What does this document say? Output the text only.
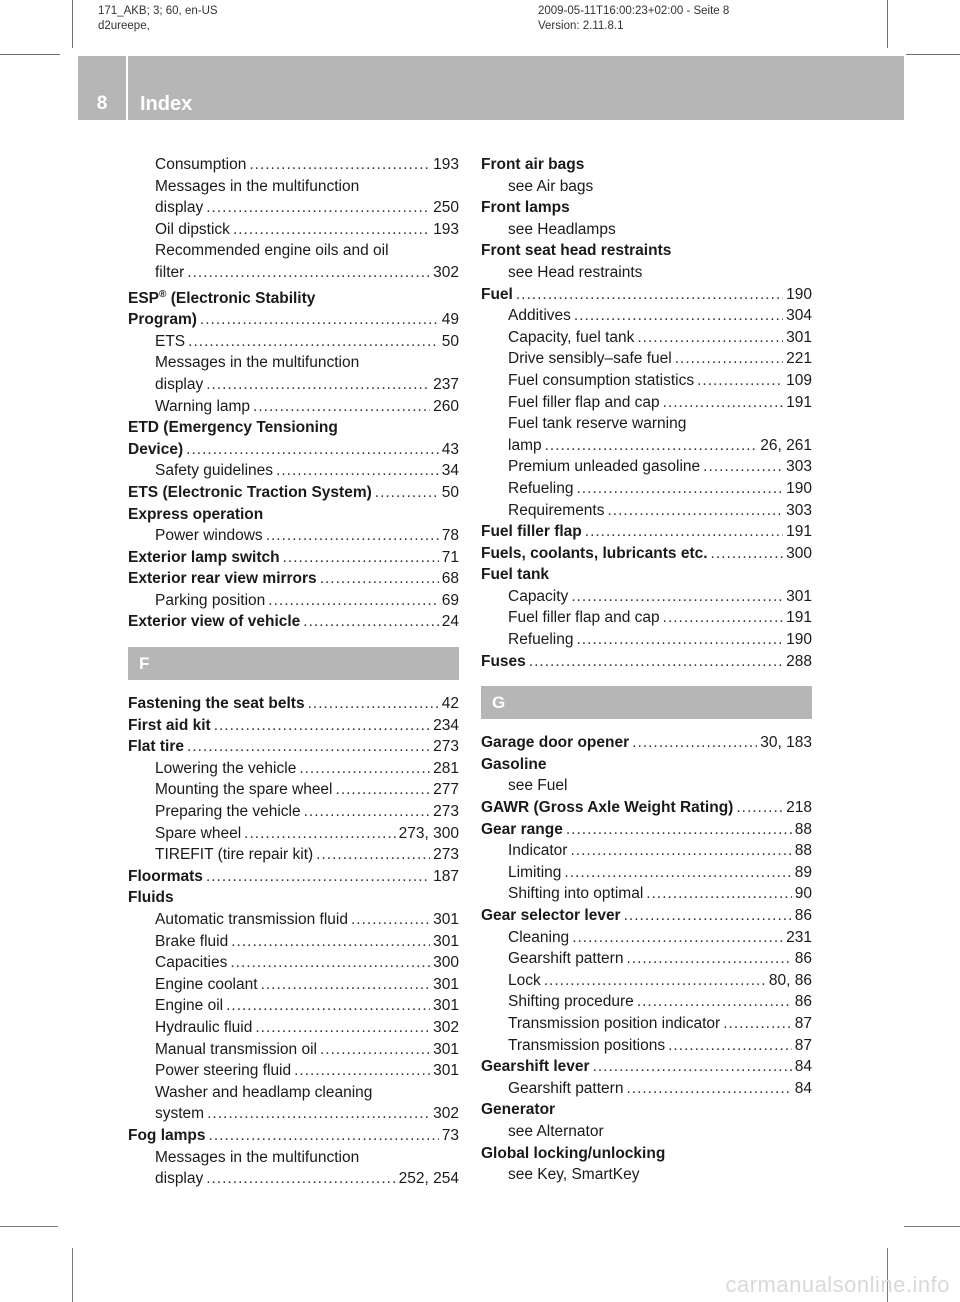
171_AKB; 3; 60, en-US
d2ureepe,
2009-05-11T16:00:23+02:00 - Seite 8
Version: 2.11.8.1
8	Index
Consumption .....	193
Messages in the multifunction
display .....	250
Oil dipstick .....	193
Recommended engine oils and oil
filter .....	302
ESP® (Electronic Stability
Program) .....	49
ETS .....	50
Messages in the multifunction
display .....	237
Warning lamp .....	260
ETD (Emergency Tensioning
Device) .....	43
Safety guidelines .....	34
ETS (Electronic Traction System) .....	50
Express operation
Power windows .....	78
Exterior lamp switch .....	71
Exterior rear view mirrors .....	68
Parking position .....	69
Exterior view of vehicle .....	24
F
Fastening the seat belts .....	42
First aid kit .....	234
Flat tire .....	273
Lowering the vehicle .....	281
Mounting the spare wheel .....	277
Preparing the vehicle .....	273
Spare wheel .....	273, 300
TIREFIT (tire repair kit) .....	273
Floormats .....	187
Fluids
Automatic transmission fluid .....	301
Brake fluid .....	301
Capacities .....	300
Engine coolant .....	301
Engine oil .....	301
Hydraulic fluid .....	302
Manual transmission oil .....	301
Power steering fluid .....	301
Washer and headlamp cleaning
system .....	302
Fog lamps .....	73
Messages in the multifunction
display .....	252, 254
Front air bags
see Air bags
Front lamps
see Headlamps
Front seat head restraints
see Head restraints
Fuel .....	190
Additives .....	304
Capacity, fuel tank .....	301
Drive sensibly–safe fuel .....	221
Fuel consumption statistics .....	109
Fuel filler flap and cap .....	191
Fuel tank reserve warning
lamp .....	26, 261
Premium unleaded gasoline .....	303
Refueling .....	190
Requirements .....	303
Fuel filler flap .....	191
Fuels, coolants, lubricants etc. .....	300
Fuel tank
Capacity .....	301
Fuel filler flap and cap .....	191
Refueling .....	190
Fuses .....	288
G
Garage door opener .....	30, 183
Gasoline
see Fuel
GAWR (Gross Axle Weight Rating) .....	218
Gear range .....	88
Indicator .....	88
Limiting .....	89
Shifting into optimal .....	90
Gear selector lever .....	86
Cleaning .....	231
Gearshift pattern .....	86
Lock .....	80, 86
Shifting procedure .....	86
Transmission position indicator .....	87
Transmission positions .....	87
Gearshift lever .....	84
Gearshift pattern .....	84
Generator
see Alternator
Global locking/unlocking
see Key, SmartKey
carmanualsonline.info
